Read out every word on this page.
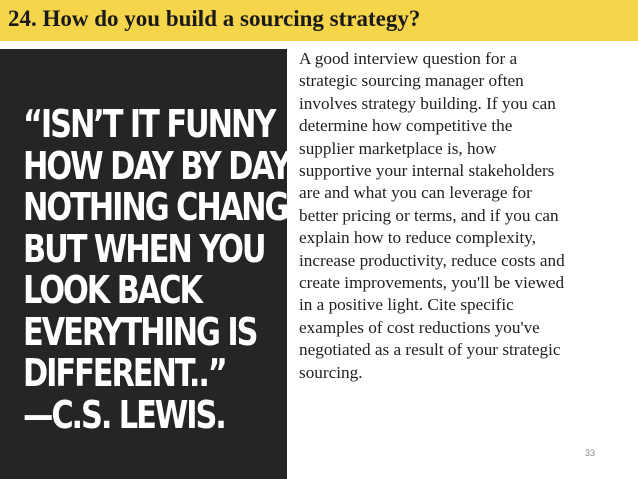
24. How do you build a sourcing strategy?
“ISN’T IT FUNNY
HOW DAY BY DAY
NOTHING CHANGES
BUT WHEN YOU
LOOK BACK
EVERYTHING IS
DIFFERENT..”
—C.S. LEWIS.
A good interview question for a
strategic sourcing manager often
involves strategy building. If you can
determine how competitive the
supplier marketplace is, how
supportive your internal stakeholders
are and what you can leverage for
better pricing or terms, and if you can
explain how to reduce complexity,
increase productivity, reduce costs and
create improvements, you'll be viewed
in a positive light. Cite specific
examples of cost reductions you've
negotiated as a result of your strategic
sourcing.
33
